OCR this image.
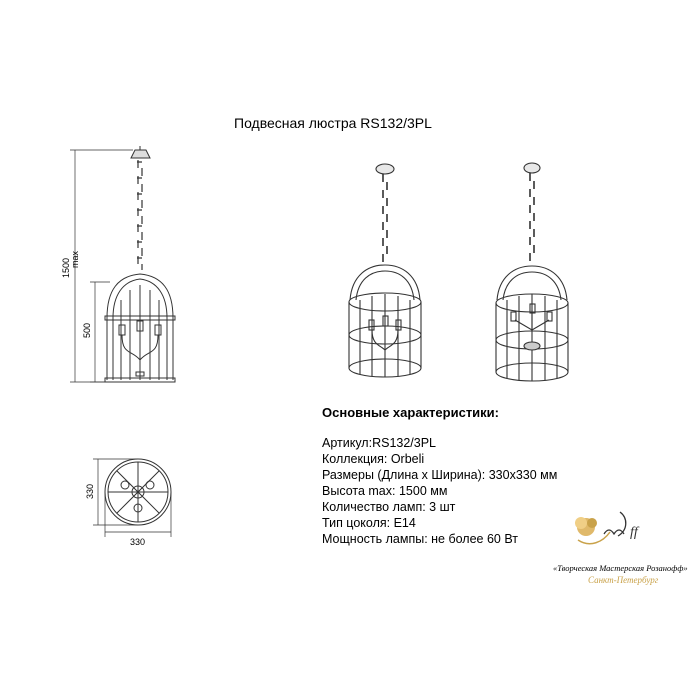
Подвесная люстра RS132/3PL
1500 max
500
330
330
ff
Основные характеристики:
Артикул:RS132/3PL
Коллекция: Orbeli
Размеры (Длина х Ширина): 330х330 мм
Высота max: 1500 мм
Количество ламп: 3 шт
Тип цоколя: E14
Мощность лампы: не более 60 Вт
«Творческая Мастерская Розанофф»
Санкт-Петербург
